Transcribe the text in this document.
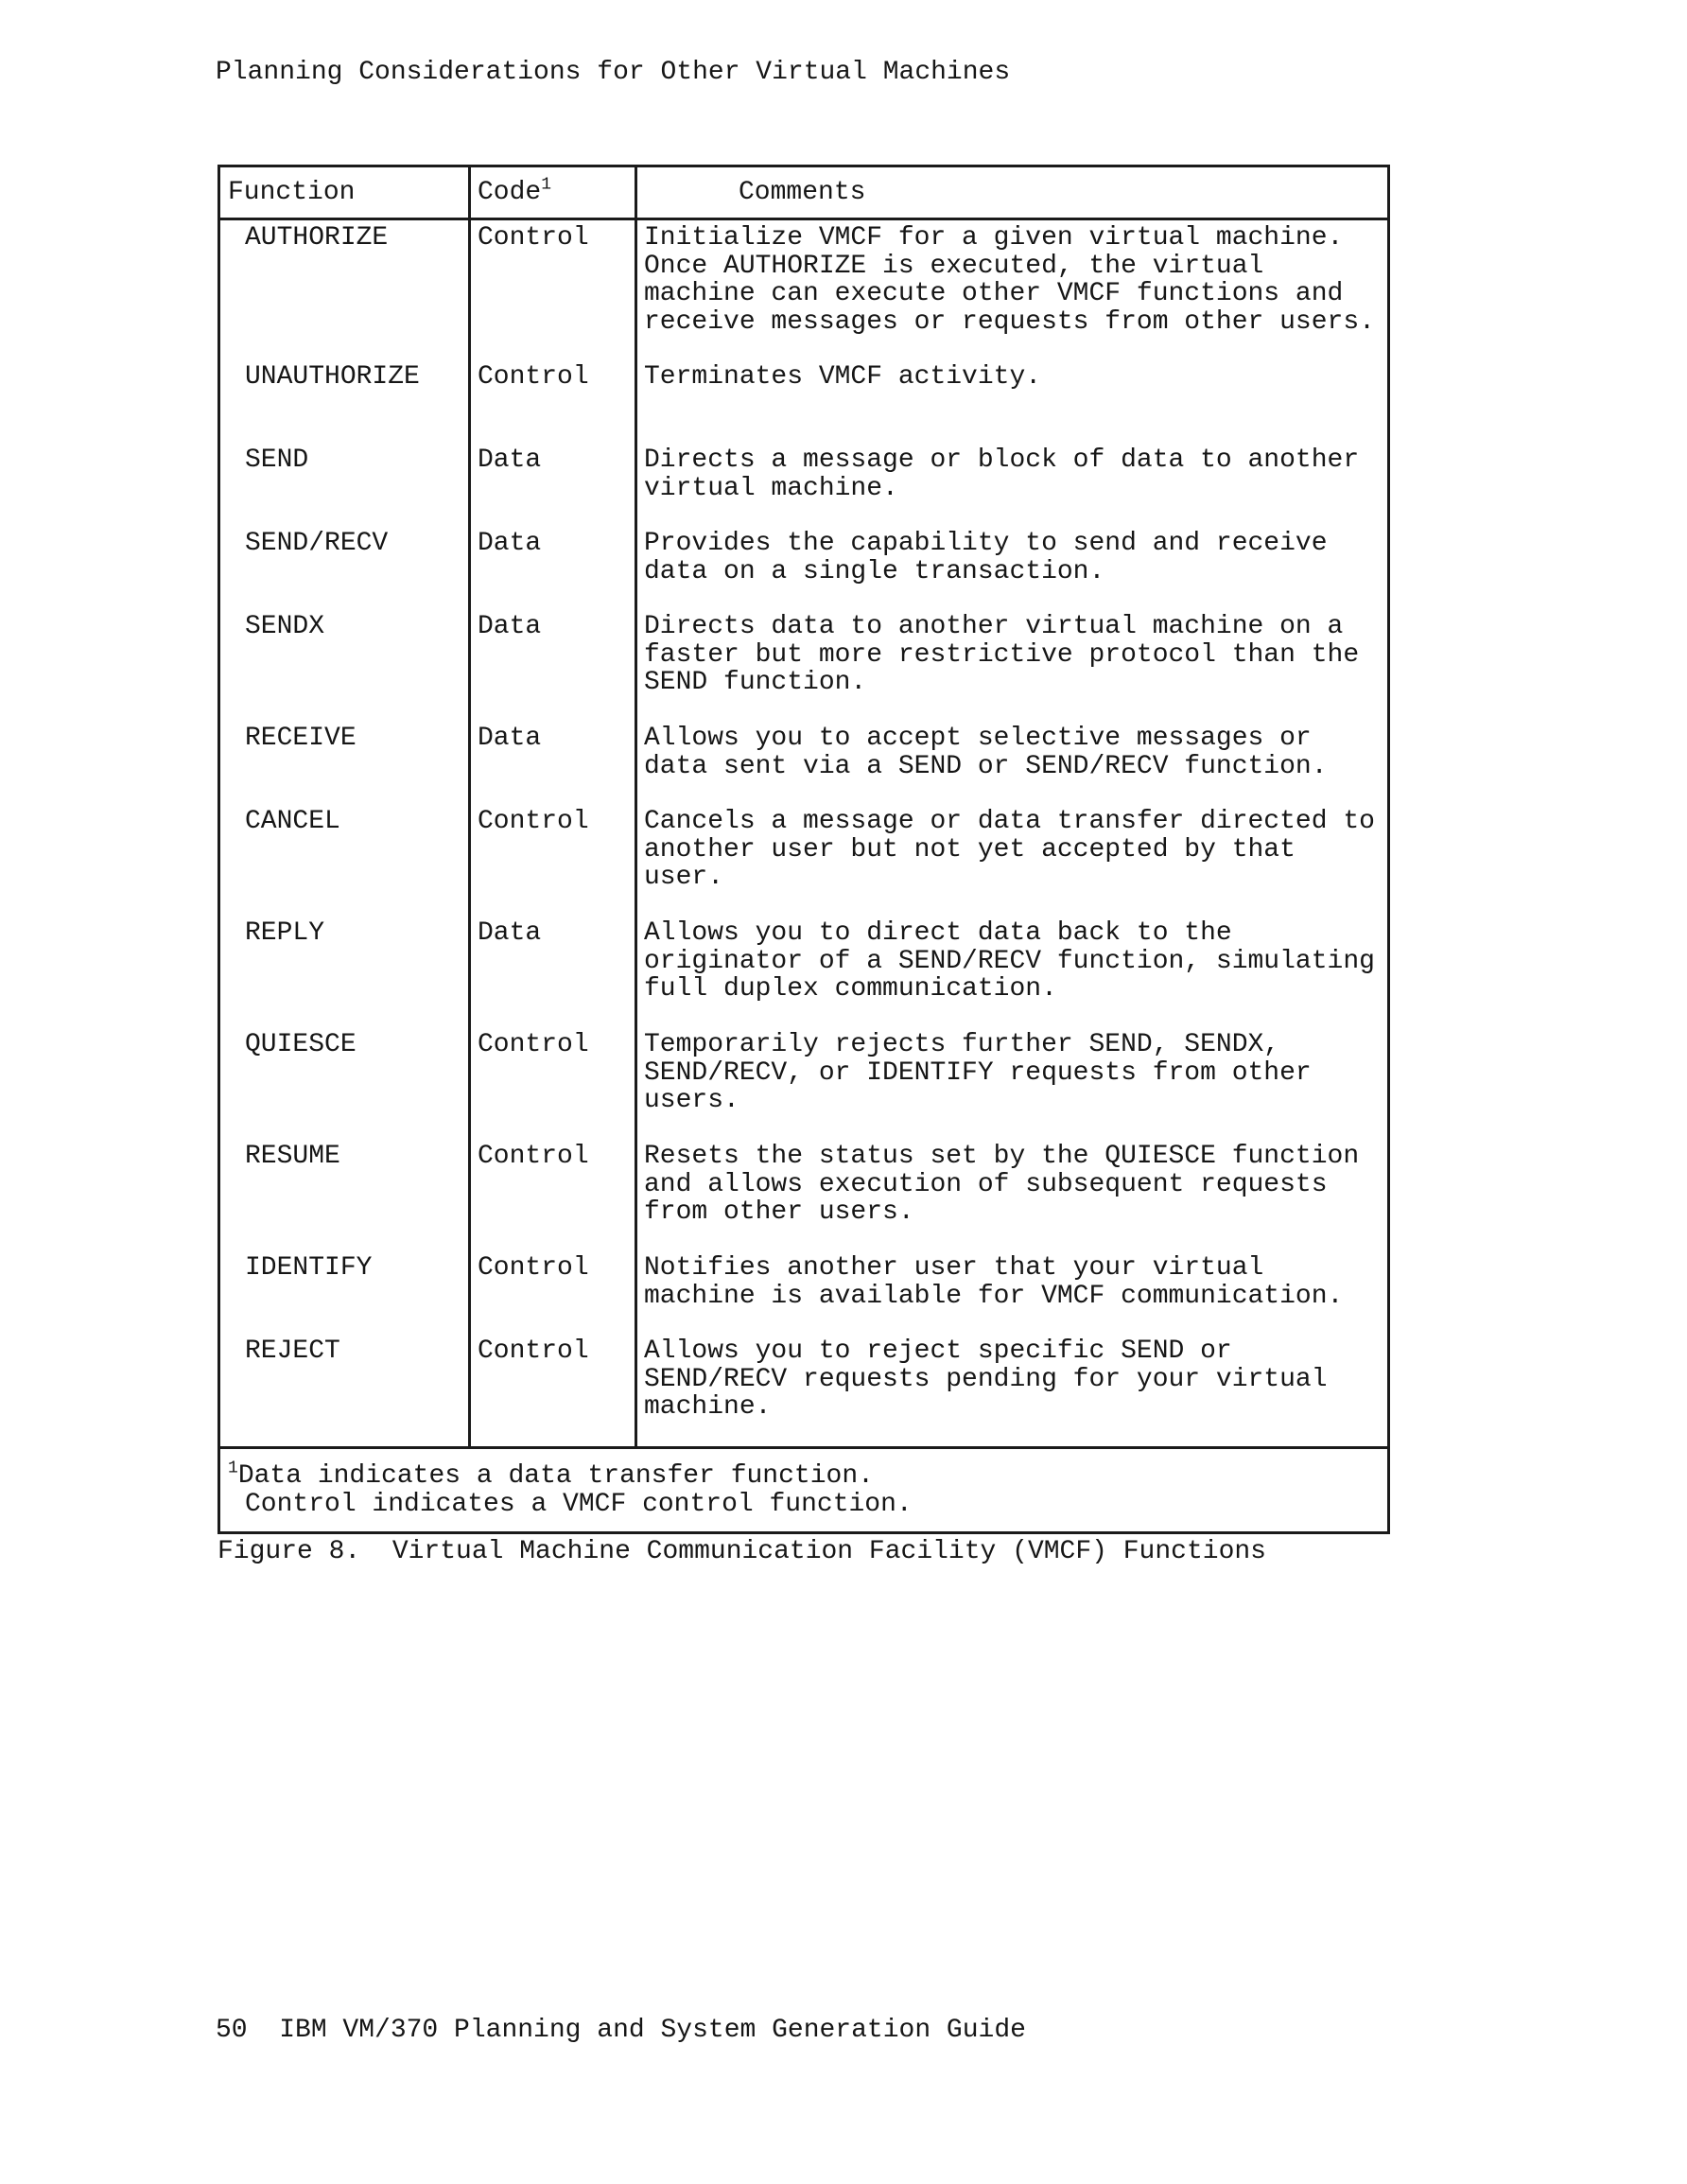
Planning Considerations for Other Virtual Machines
Function	Code$^1$	Comments
AUTHORIZE	Control	Initialize VMCF for a given virtual machine. Once AUTHORIZE is executed, the virtual machine can execute other VMCF functions and receive messages or requests from other users.
UNAUTHORIZE	Control	Terminates VMCF activity.
SEND	Data	Directs a message or block of data to another virtual machine.
SEND/RECV	Data	Provides the capability to send and receive data on a single transaction.
SENDX	Data	Directs data to another virtual machine on a faster but more restrictive protocol than the SEND function.
RECEIVE	Data	Allows you to accept selective messages or data sent via a SEND or SEND/RECV function.
CANCEL	Control	Cancels a message or data transfer directed to another user but not yet accepted by that user.
REPLY	Data	Allows you to direct data back to the originator of a SEND/RECV function, simulating full duplex communication.
QUIESCE	Control	Temporarily rejects further SEND, SENDX, SEND/RECV, or IDENTIFY requests from other users.
RESUME	Control	Resets the status set by the QUIESCE function and allows execution of subsequent requests from other users.
IDENTIFY	Control	Notifies another user that your virtual machine is available for VMCF communication.
REJECT	Control	Allows you to reject specific SEND or SEND/RECV requests pending for your virtual machine.
$^1$Data indicates a data transfer function.
Control indicates a VMCF control function.
Figure 8.  Virtual Machine Communication Facility (VMCF) Functions
50  IBM VM/370 Planning and System Generation Guide
